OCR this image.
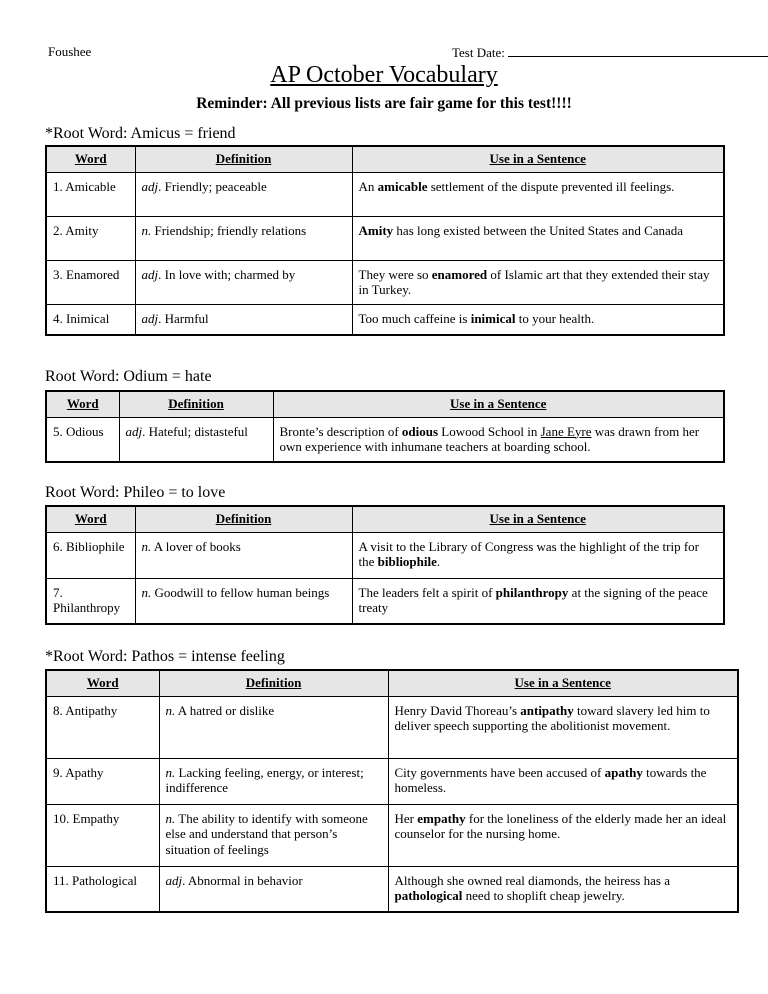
Foushee	Test Date:
AP October Vocabulary
Reminder: All previous lists are fair game for this test!!!!
*Root Word: Amicus = friend
Word	Definition	Use in a Sentence
1. Amicable	adj. Friendly; peaceable	An amicable settlement of the dispute prevented ill feelings.
2. Amity	n. Friendship; friendly relations	Amity has long existed between the United States and Canada
3. Enamored	adj. In love with; charmed by	They were so enamored of Islamic art that they extended their stay in Turkey.
4. Inimical	adj. Harmful	Too much caffeine is inimical to your health.
Root Word: Odium = hate
Word	Definition	Use in a Sentence
5. Odious	adj. Hateful; distasteful	Bronte’s description of odious Lowood School in Jane Eyre was drawn from her own experience with inhumane teachers at boarding school.
Root Word: Phileo = to love
Word	Definition	Use in a Sentence
6. Bibliophile	n. A lover of books	A visit to the Library of Congress was the highlight of the trip for the bibliophile.
7. Philanthropy	n. Goodwill to fellow human beings	The leaders felt a spirit of philanthropy at the signing of the peace treaty
*Root Word: Pathos = intense feeling
Word	Definition	Use in a Sentence
8. Antipathy	n. A hatred or dislike	Henry David Thoreau’s antipathy toward slavery led him to deliver speech supporting the abolitionist movement.
9. Apathy	n. Lacking feeling, energy, or interest; indifference	City governments have been accused of apathy towards the homeless.
10. Empathy	n. The ability to identify with someone else and understand that person’s situation of feelings	Her empathy for the loneliness of the elderly made her an ideal counselor for the nursing home.
11. Pathological	adj. Abnormal in behavior	Although she owned real diamonds, the heiress has a pathological need to shoplift cheap jewelry.
